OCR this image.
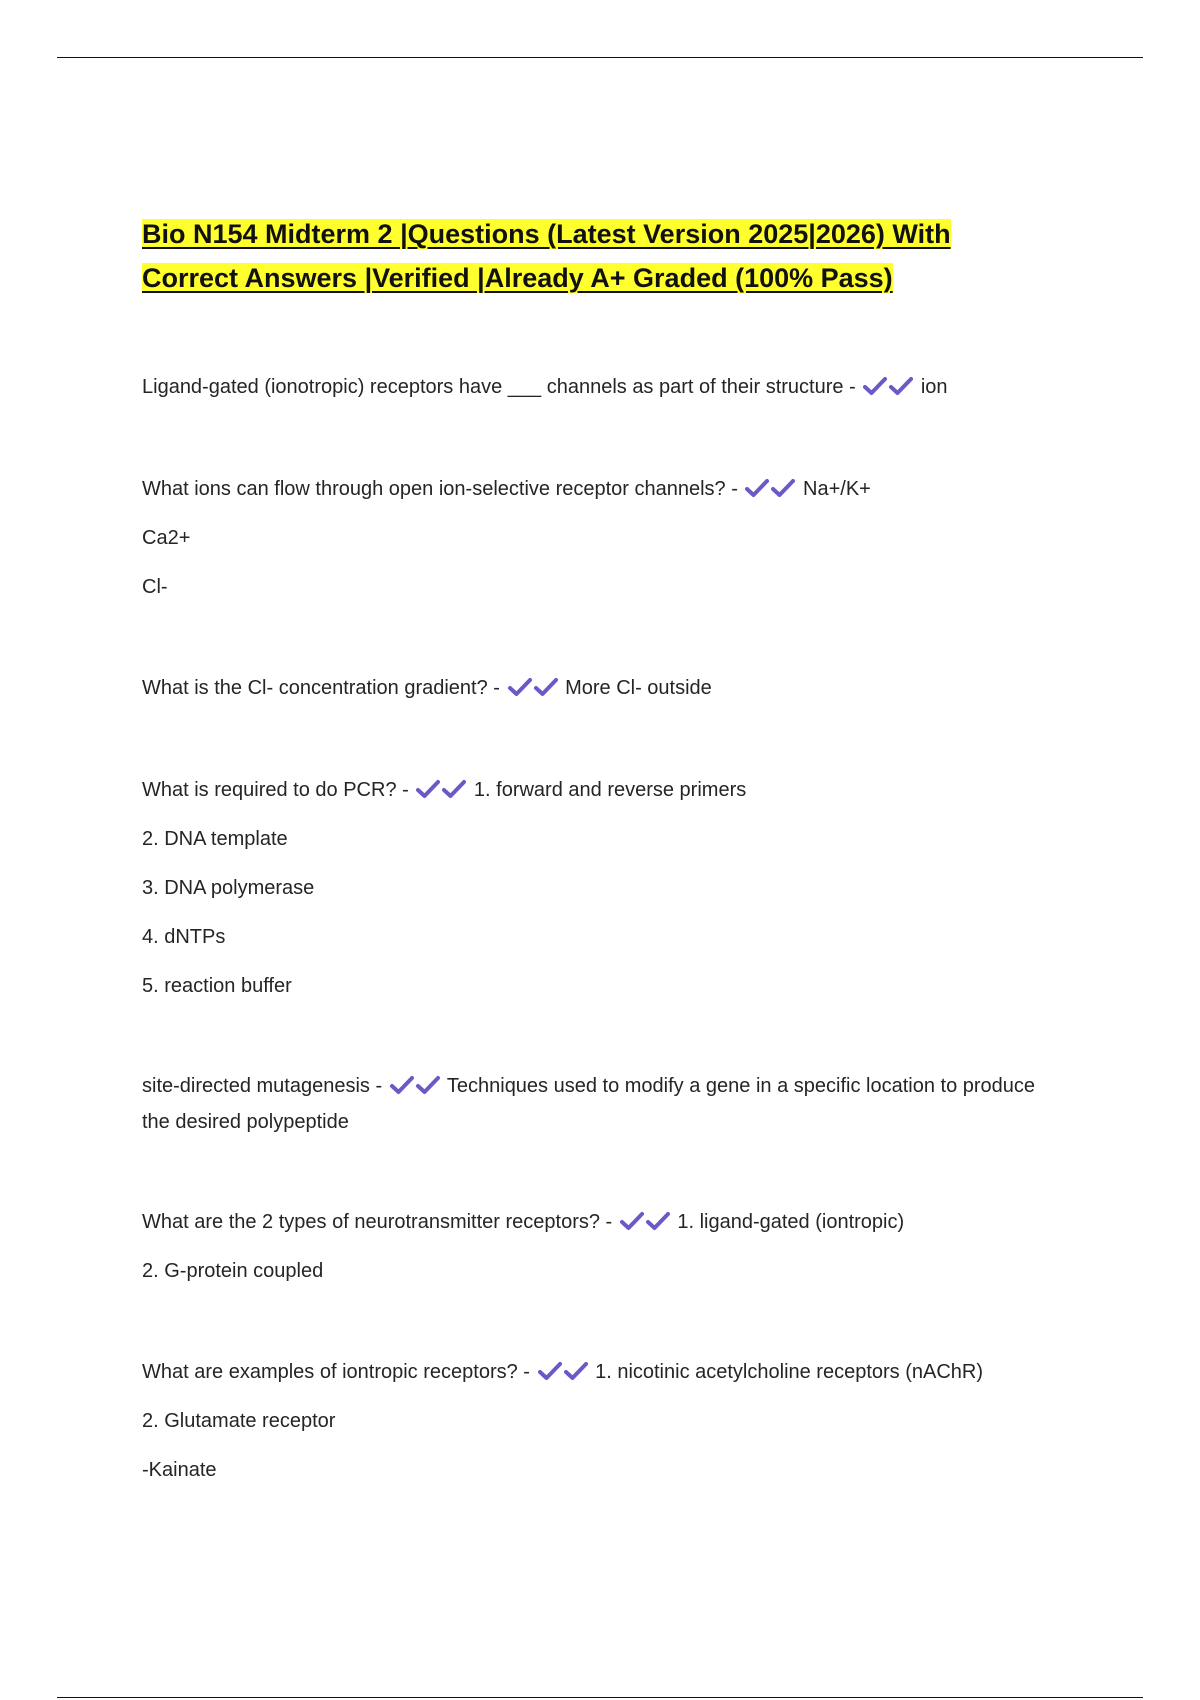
Bio N154 Midterm 2 |Questions (Latest Version 2025|2026) With
Correct Answers |Verified |Already A+ Graded (100% Pass)
Ligand-gated (ionotropic) receptors have ___ channels as part of their structure -	ion
What ions can flow through open ion-selective receptor channels? -	Na+/K+
Ca2+
Cl-
What is the Cl- concentration gradient? -	More Cl- outside
What is required to do PCR? -	1. forward and reverse primers
2. DNA template
3. DNA polymerase
4. dNTPs
5. reaction buffer
site-directed mutagenesis -	Techniques used to modify a gene in a specific location to produce the desired polypeptide
What are the 2 types of neurotransmitter receptors? -	1. ligand-gated (iontropic)
2. G-protein coupled
What are examples of iontropic receptors? -	1. nicotinic acetylcholine receptors (nAChR)
2. Glutamate receptor
-Kainate
